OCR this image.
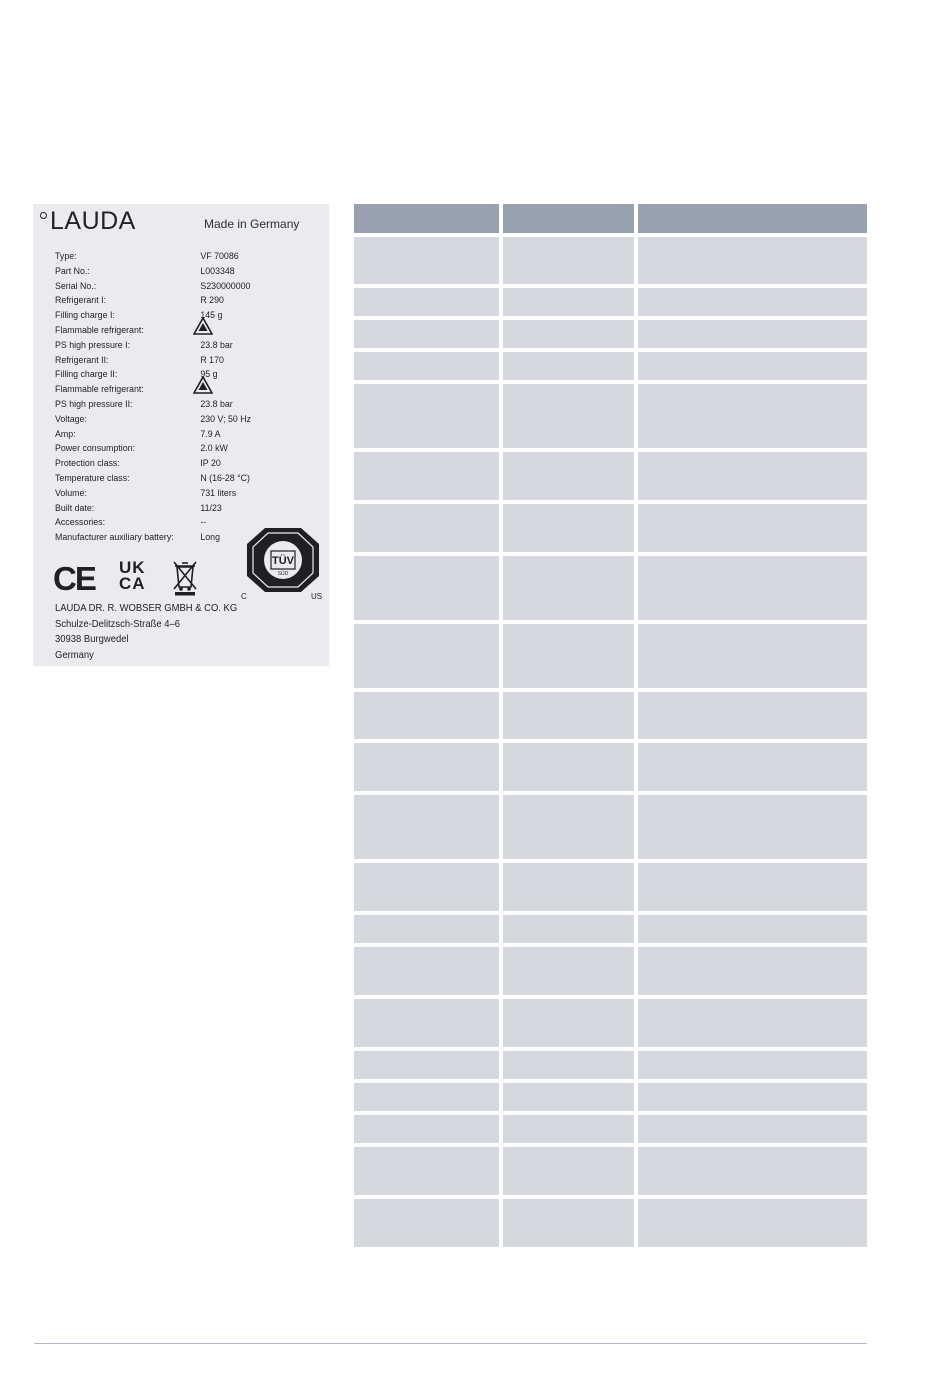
LAUDA	Made in Germany
Type:	VF 70086
Part No.:	L003348
Serial No.:	S230000000
Refrigerant I:	R 290
Filling charge I:	145 g
Flammable refrigerant:
PS high pressure I:	23.8 bar
Refrigerant II:	R 170
Filling charge II:	95 g
Flammable refrigerant:
PS high pressure II:	23.8 bar
Voltage:	230 V; 50 Hz
Amp:	7.9 A
Power consumption:	2.0 kW
Protection class:	IP 20
Temperature class:	N (16-28 °C)
Volume:	731 liters
Built date:	11/23
Accessories:	--
Manufacturer auxiliary battery:	Long
CE UK
CA
TÜV
SÜD
C	US
LAUDA DR. R. WOBSER GMBH & CO. KG
Schulze-Delitzsch-Straße 4–6
30938 Burgwedel
Germany
